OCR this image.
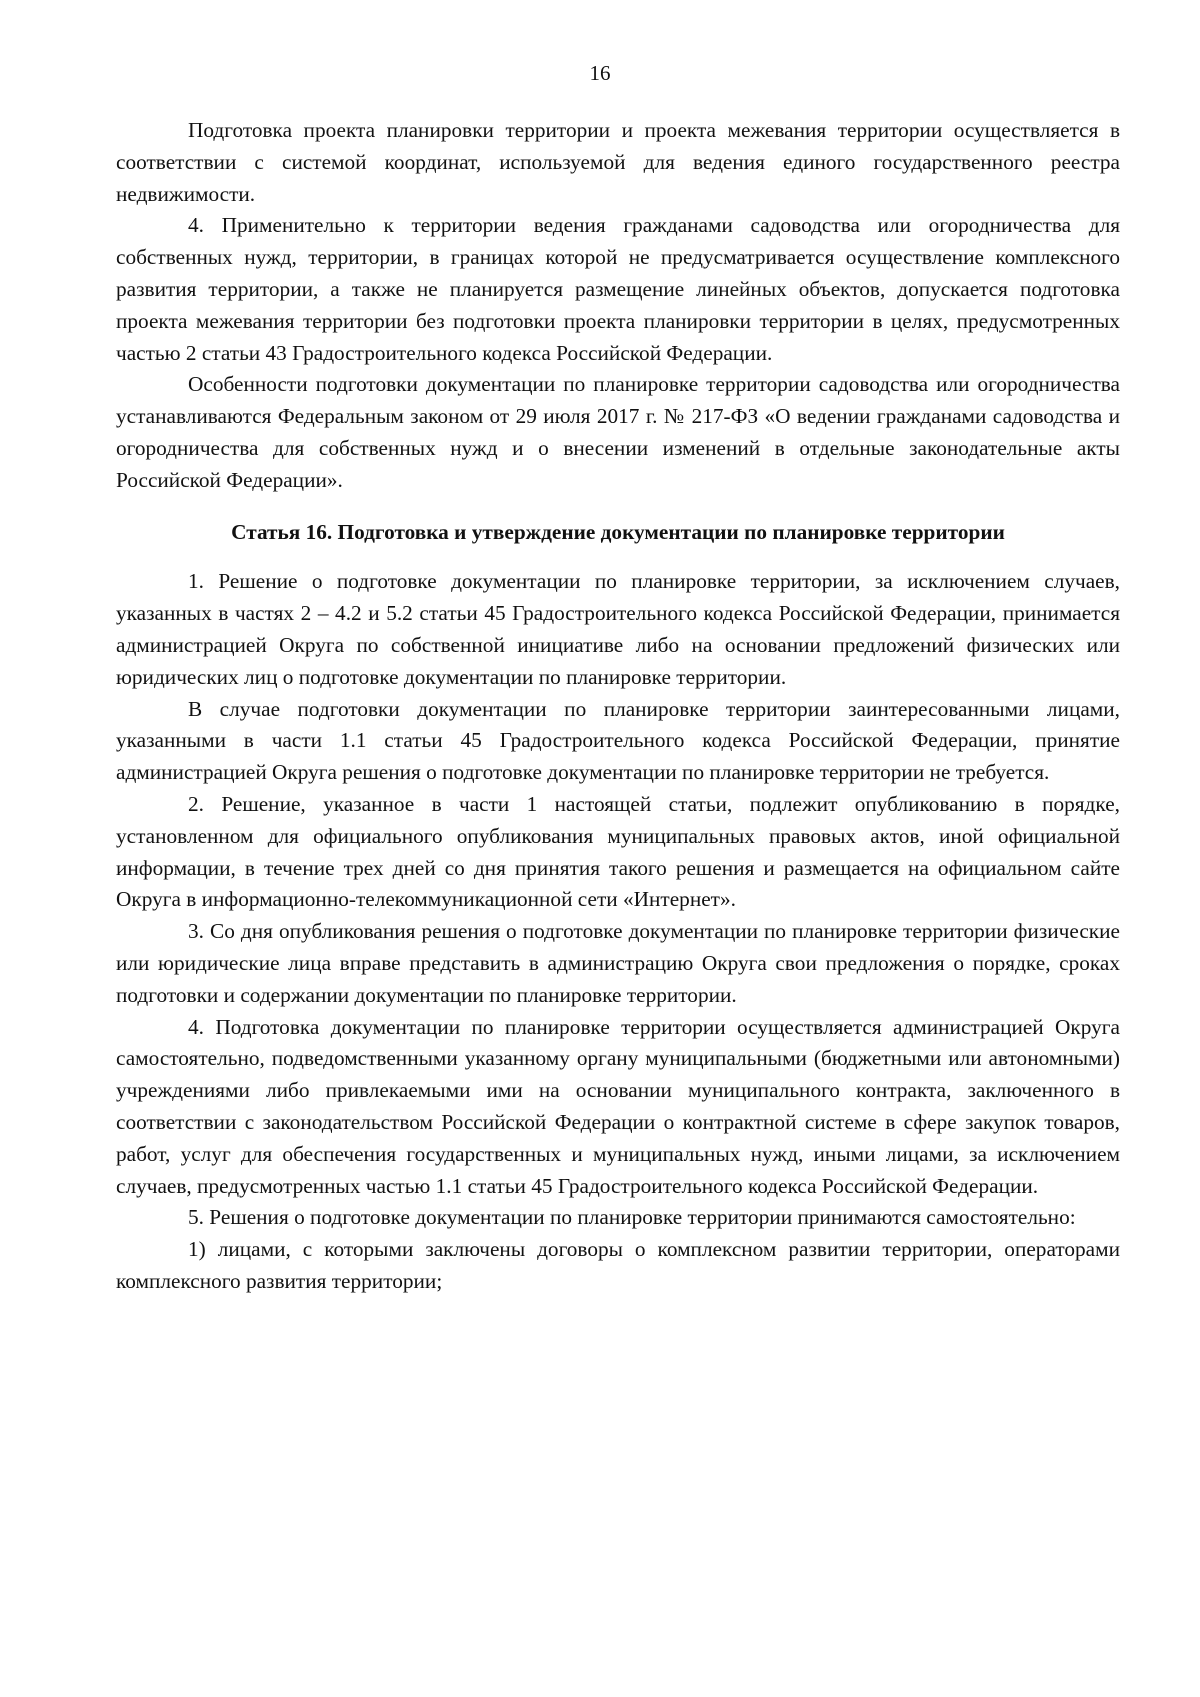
16

Подготовка проекта планировки территории и проекта межевания территории осуществляется в соответствии с системой координат, используемой для ведения единого государственного реестра недвижимости.

4. Применительно к территории ведения гражданами садоводства или огородничества для собственных нужд, территории, в границах которой не предусматривается осуществление комплексного развития территории, а также не планируется размещение линейных объектов, допускается подготовка проекта межевания территории без подготовки проекта планировки территории в целях, предусмотренных частью 2 статьи 43 Градостроительного кодекса Российской Федерации.

Особенности подготовки документации по планировке территории садоводства или огородничества устанавливаются Федеральным законом от 29 июля 2017 г. № 217-ФЗ «О ведении гражданами садоводства и огородничества для собственных нужд и о внесении изменений в отдельные законодательные акты Российской Федерации».

Статья 16. Подготовка и утверждение документации по планировке территории

1. Решение о подготовке документации по планировке территории, за исключением случаев, указанных в частях 2 – 4.2 и 5.2 статьи 45 Градостроительного кодекса Российской Федерации, принимается администрацией Округа по собственной инициативе либо на основании предложений физических или юридических лиц о подготовке документации по планировке территории.

В случае подготовки документации по планировке территории заинтересованными лицами, указанными в части 1.1 статьи 45 Градостроительного кодекса Российской Федерации, принятие администрацией Округа решения о подготовке документации по планировке территории не требуется.

2. Решение, указанное в части 1 настоящей статьи, подлежит опубликованию в порядке, установленном для официального опубликования муниципальных правовых актов, иной официальной информации, в течение трех дней со дня принятия такого решения и размещается на официальном сайте Округа в информационно-телекоммуникационной сети «Интернет».

3. Со дня опубликования решения о подготовке документации по планировке территории физические или юридические лица вправе представить в администрацию Округа свои предложения о порядке, сроках подготовки и содержании документации по планировке территории.

4. Подготовка документации по планировке территории осуществляется администрацией Округа самостоятельно, подведомственными указанному органу муниципальными (бюджетными или автономными) учреждениями либо привлекаемыми ими на основании муниципального контракта, заключенного в соответствии с законодательством Российской Федерации о контрактной системе в сфере закупок товаров, работ, услуг для обеспечения государственных и муниципальных нужд, иными лицами, за исключением случаев, предусмотренных частью 1.1 статьи 45 Градостроительного кодекса Российской Федерации.

5. Решения о подготовке документации по планировке территории принимаются самостоятельно:

1) лицами, с которыми заключены договоры о комплексном развитии территории, операторами комплексного развития территории;
